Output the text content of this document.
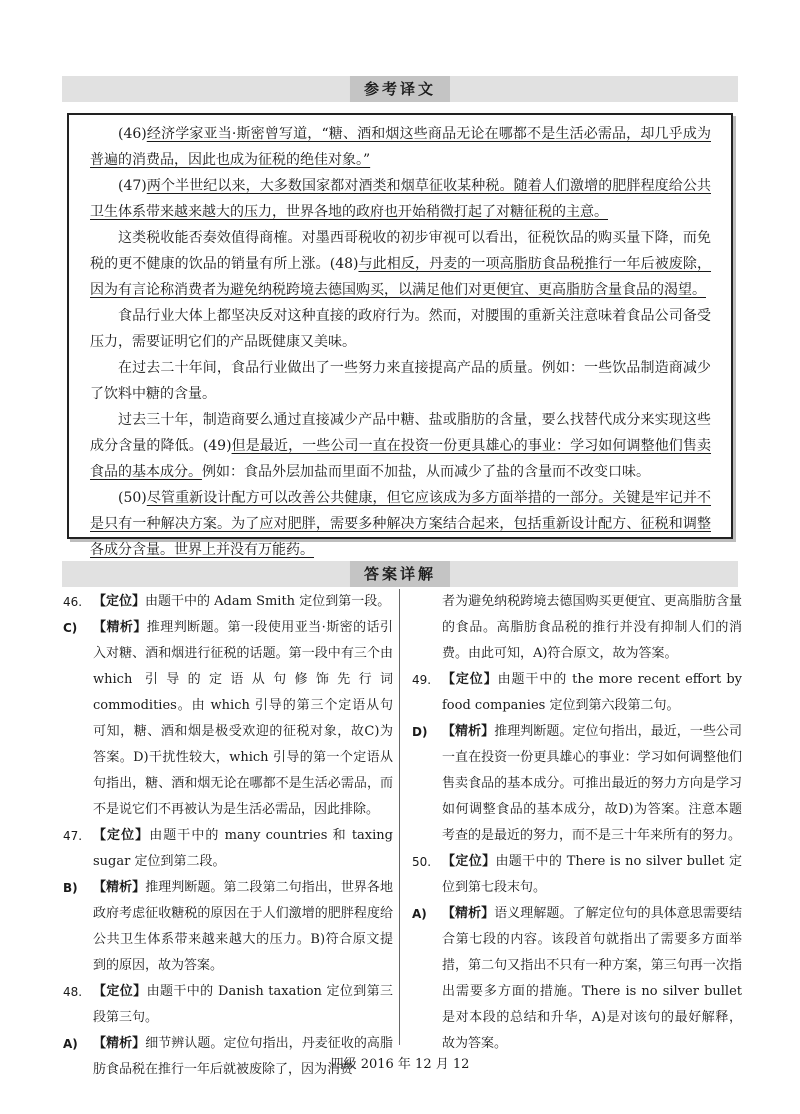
参考译文

(46)经济学家亚当·斯密曾写道，“糖、酒和烟这些商品无论在哪都不是生活必需品，却几乎成为普遍的消费品，因此也成为征税的绝佳对象。”

(47)两个半世纪以来，大多数国家都对酒类和烟草征收某种税。随着人们激增的肥胖程度给公共卫生体系带来越来越大的压力，世界各地的政府也开始稍微打起了对糖征税的主意。

这类税收能否奏效值得商榷。对墨西哥税收的初步审视可以看出，征税饮品的购买量下降，而免税的更不健康的饮品的销量有所上涨。(48)与此相反，丹麦的一项高脂肪食品税推行一年后被废除，因为有言论称消费者为避免纳税跨境去德国购买，以满足他们对更便宜、更高脂肪含量食品的渴望。

食品行业大体上都坚决反对这种直接的政府行为。然而，对腰围的重新关注意味着食品公司备受压力，需要证明它们的产品既健康又美味。

在过去二十年间，食品行业做出了一些努力来直接提高产品的质量。例如：一些饮品制造商减少了饮料中糖的含量。

过去三十年，制造商要么通过直接减少产品中糖、盐或脂肪的含量，要么找替代成分来实现这些成分含量的降低。(49)但是最近，一些公司一直在投资一份更具雄心的事业：学习如何调整他们售卖食品的基本成分。例如：食品外层加盐而里面不加盐，从而减少了盐的含量而不改变口味。

(50)尽管重新设计配方可以改善公共健康，但它应该成为多方面举措的一部分。关键是牢记并不是只有一种解决方案。为了应对肥胖，需要多种解决方案结合起来，包括重新设计配方、征税和调整各成分含量。世界上并没有万能药。

答案详解
46. 【定位】由题干中的 Adam Smith 定位到第一段。
C)	【精析】推理判断题。第一段使用亚当·斯密的话引入对糖、酒和烟进行征税的话题。第一段中有三个由 which 引导的定语从句修饰先行词 commodities。由 which 引导的第三个定语从句可知，糖、酒和烟是极受欢迎的征税对象，故C)为答案。D)干扰性较大，which 引导的第一个定语从句指出，糖、酒和烟无论在哪都不是生活必需品，而不是说它们不再被认为是生活必需品，因此排除。
47. 【定位】由题干中的 many countries 和 taxing sugar 定位到第二段。
B)	【精析】推理判断题。第二段第二句指出，世界各地政府考虑征收糖税的原因在于人们激增的肥胖程度给公共卫生体系带来越来越大的压力。B)符合原文提到的原因，故为答案。
48. 【定位】由题干中的 Danish taxation 定位到第三段第三句。
A)	【精析】细节辨认题。定位句指出，丹麦征收的高脂肪食品税在推行一年后就被废除了，因为消费
者为避免纳税跨境去德国购买更便宜、更高脂肪含量的食品。高脂肪食品税的推行并没有抑制人们的消费。由此可知，A)符合原文，故为答案。
49. 【定位】由题干中的 the more recent effort by food companies 定位到第六段第二句。
D)	【精析】推理判断题。定位句指出，最近，一些公司一直在投资一份更具雄心的事业：学习如何调整他们售卖食品的基本成分。可推出最近的努力方向是学习如何调整食品的基本成分，故D)为答案。注意本题考查的是最近的努力，而不是三十年来所有的努力。
50. 【定位】由题干中的 There is no silver bullet 定位到第七段末句。
A)	【精析】语义理解题。了解定位句的具体意思需要结合第七段的内容。该段首句就指出了需要多方面举措，第二句又指出不只有一种方案，第三句再一次指出需要多方面的措施。There is no silver bullet 是对本段的总结和升华，A)是对该句的最好解释，故为答案。
四级 2016 年 12 月 12
